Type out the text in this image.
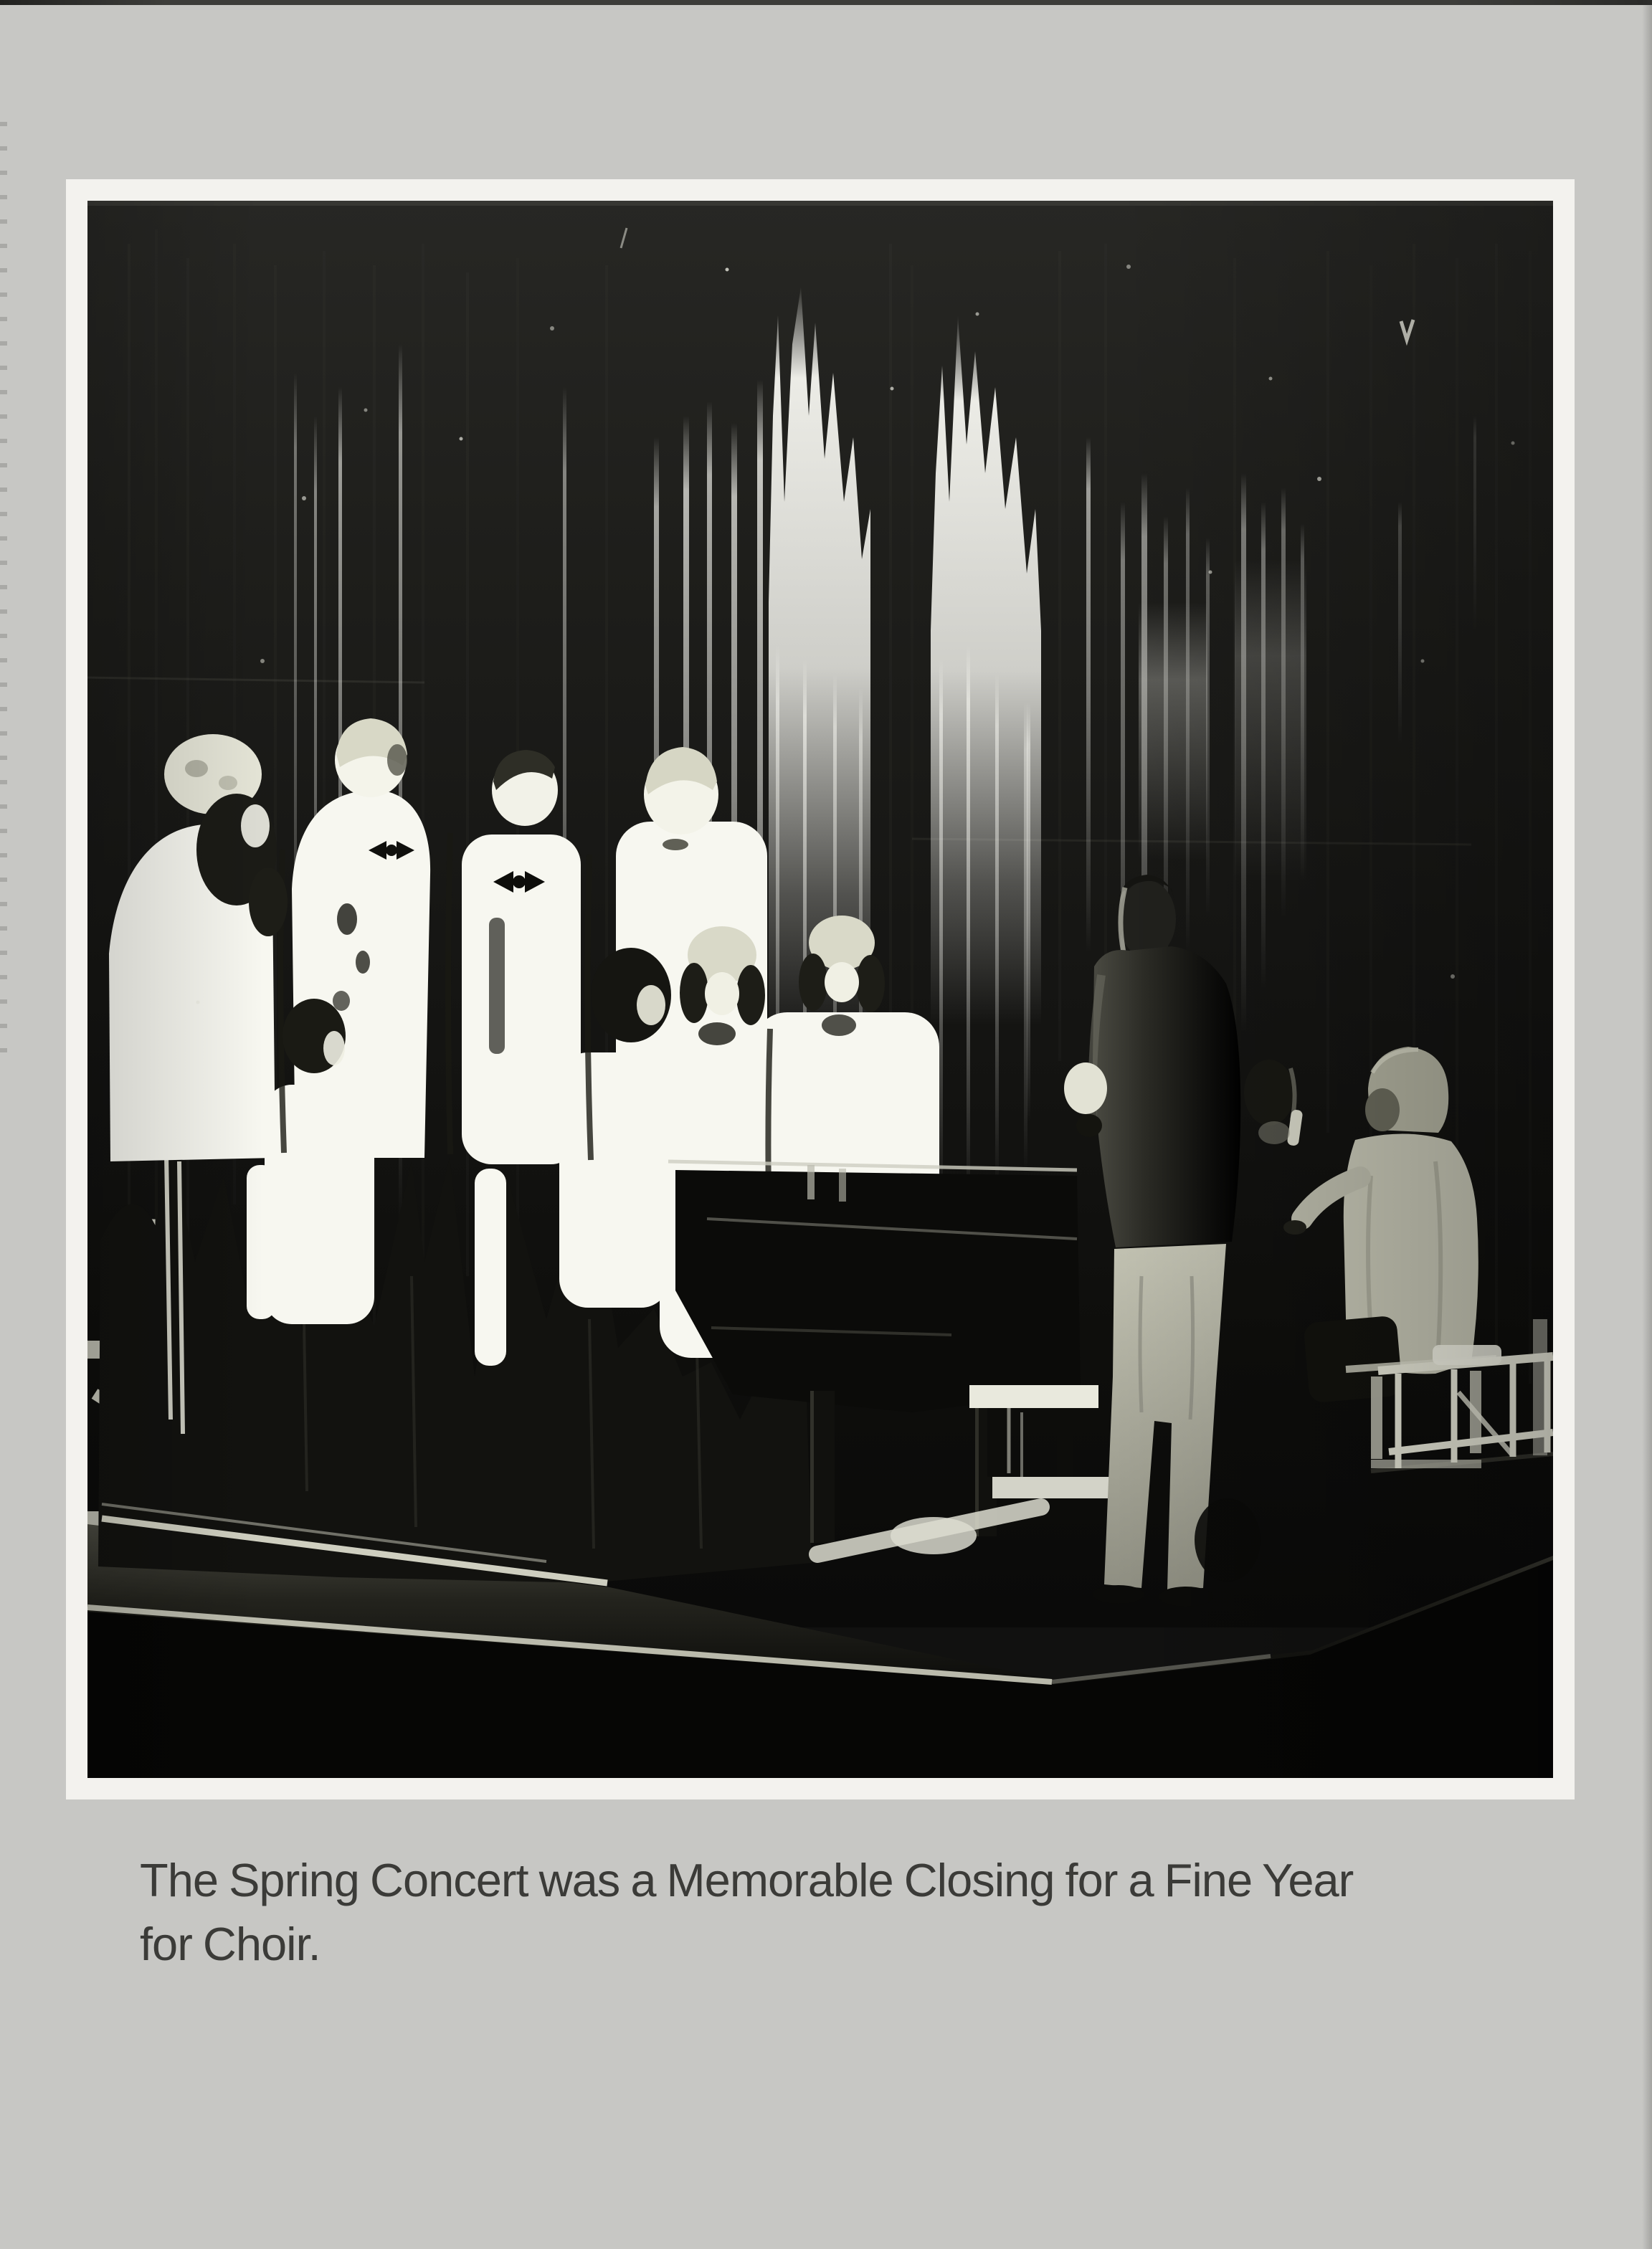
The Spring Concert was a Memorable Closing for a Fine Year
for Choir.
